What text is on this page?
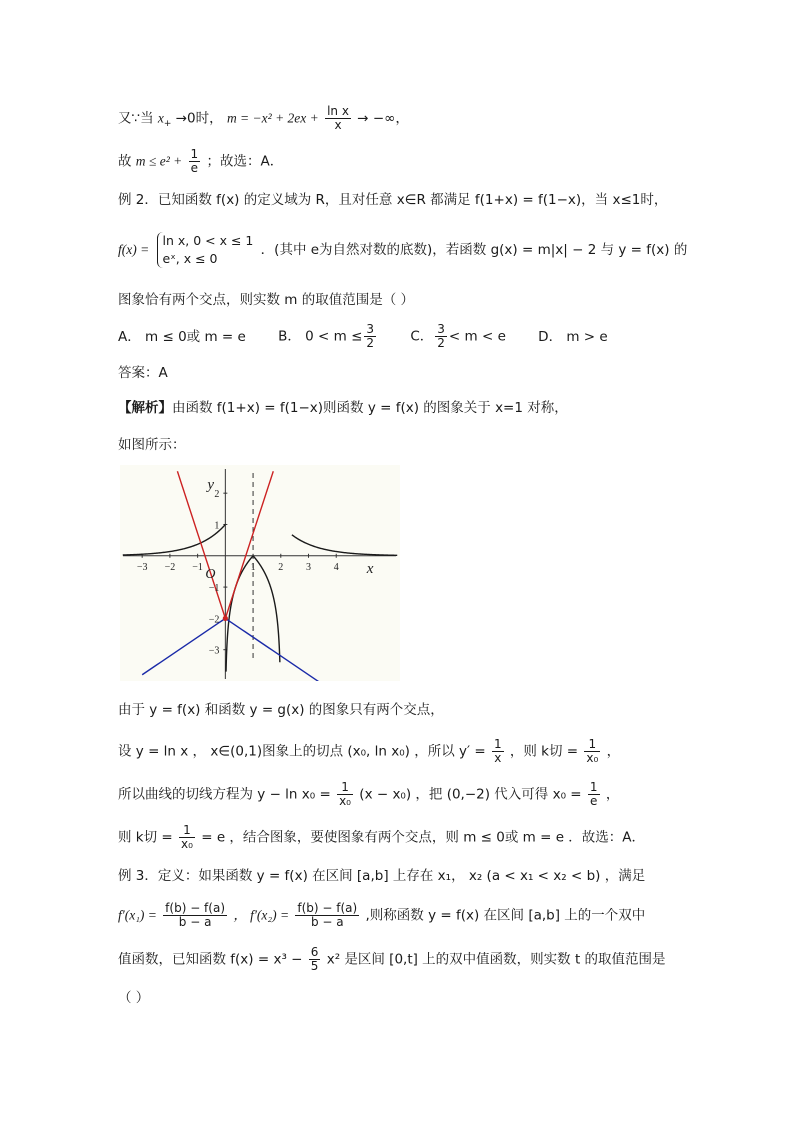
又∵当 $x_+ \to 0$时， $m = -x^2 + 2ex + \frac{\text{ln x}}{x}$ → −∞，
故 $m \le e^2 + \frac{1}{e}$ ；故选：A．
例 2．已知函数 f(x) 的定义域为 R，且对任意 x∈R 都满足 f(1+x) = f(1−x)，当 x≤1时，
f(x) =
ln x, 0 < x ≤ 1
eˣ, x ≤ 0
．(其中 e为自然对数的底数)，若函数 g(x) = m|x| − 2 与 y = f(x) 的
图象恰有两个交点，则实数 m 的取值范围是（ ）
A． m ≤ 0或 m = e B． $0 < m \le \frac{3}{2}$	C． $\frac{3}{2} < m < e$ D． m > e
答案：A
【解析】由函数 f(1+x) = f(1−x)则函数 y = f(x) 的图象关于 x=1 对称，
如图所示：
−3 −2 −1	1 2 3 4
2
1
−1
−2
−3
x
y
O
由于 y = f(x) 和函数 y = g(x) 的图象只有两个交点，
设 y = ln x ， x∈(0,1)图象上的切点 (x₀, ln x₀) ，所以 $y' = \frac{1}{x}$ ，则 k切 = $\frac{1}{\text{x₀}}$ ，
所以曲线的切线方程为 $y - \ln x_0 = \frac{1}{\text{x₀}} (x - x_0)$ ，把 (0,−2) 代入可得 $x_0 = \frac{1}{e}$ ，
则 k切 = $\frac{1}{\text{x₀}} = e$ ，结合图象，要使图象有两个交点，则 m ≤ 0或 m = e ．故选：A．
例 3．定义：如果函数 y = f(x) 在区间 [a,b] 上存在 x₁， x₂ (a < x₁ < x₂ < b) ，满足
$f'(x_1) = \frac{f(b) - f(a)}{b - a}$ ， $f'(x_2) = \frac{f(b) - f(a)}{b - a}$ ,则称函数 y = f(x) 在区间 [a,b] 上的一个双中
值函数，已知函数 $f(x) = x^3 - \frac{6}{5} x^2$ 是区间 [0,t] 上的双中值函数，则实数 t 的取值范围是
（ ）
